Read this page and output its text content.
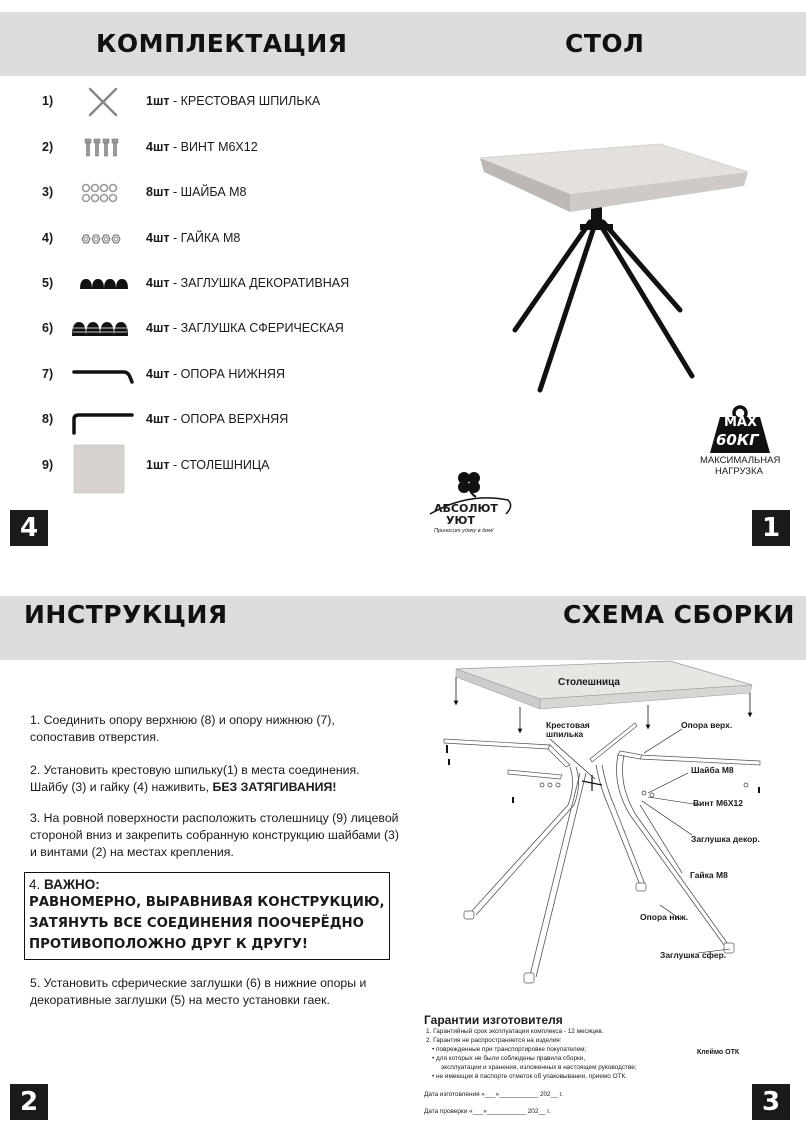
КОМПЛЕКТАЦИЯ
1)	1шт - КРЕСТОВАЯ ШПИЛЬКА
2)	4шт - ВИНТ М6Х12
3)	8шт - ШАЙБА М8
4)	4шт - ГАЙКА М8
5)	4шт - ЗАГЛУШКА ДЕКОРАТИВНАЯ
6)	4шт - ЗАГЛУШКА СФЕРИЧЕСКАЯ
7)	4шт - ОПОРА НИЖНЯЯ
8)	4шт - ОПОРА ВЕРХНЯЯ
9)	1шт - СТОЛЕШНИЦА
4
СТОЛ
MAX
60КГ
МАКСИМАЛЬНАЯ
НАГРУЗКА
АБСОЛЮТ
УЮТ
Приносит удачу в дом!	1
ИНСТРУКЦИЯ

1. Соединить опору верхнюю (8) и опору нижнюю (7), сопоставив отверстия.

2. Установить крестовую шпильку(1) в места соединения. Шайбу (3) и гайку (4) наживить, БЕЗ ЗАТЯГИВАНИЯ!

3. На ровной поверхности расположить столешницу (9) лицевой стороной вниз и закрепить собранную конструкцию шайбами (3) и винтами (2) на местах крепления.

4. ВАЖНО:
РАВНОМЕРНО, ВЫРАВНИВАЯ КОНСТРУКЦИЮ, ЗАТЯНУТЬ ВСЕ СОЕДИНЕНИЯ ПООЧЕРЁДНО ПРОТИВОПОЛОЖНО ДРУГ К ДРУГУ!

5. Установить сферические заглушки (6) в нижние опоры и декоративные заглушки (5) на место установки гаек.

2
СХЕМА СБОРКИ
Столешница
Крестовая
шпилька
Опора верх.
Шайба М8
Винт М6Х12
Заглушка декор.
Гайка М8
Опора ниж.
Заглушка сфер.
Гарантии изготовителя
1. Гарантийный срок эксплуатации комплекса - 12 месяцев.
2. Гарантия не распространяется на изделия:
• поврежденные при транспортировке покупателем;
• для которых не были соблюдены правила сборки,
эксплуатации и хранения, изложенных в настоящем руководстве;
• не имеющих в паспорте отметок об упаковывании, приемо ОТК.
Клеймо ОТК
Дата изготовления «___»___________ 202__ г.
Дата проверки «___»___________ 202__ г.	3
